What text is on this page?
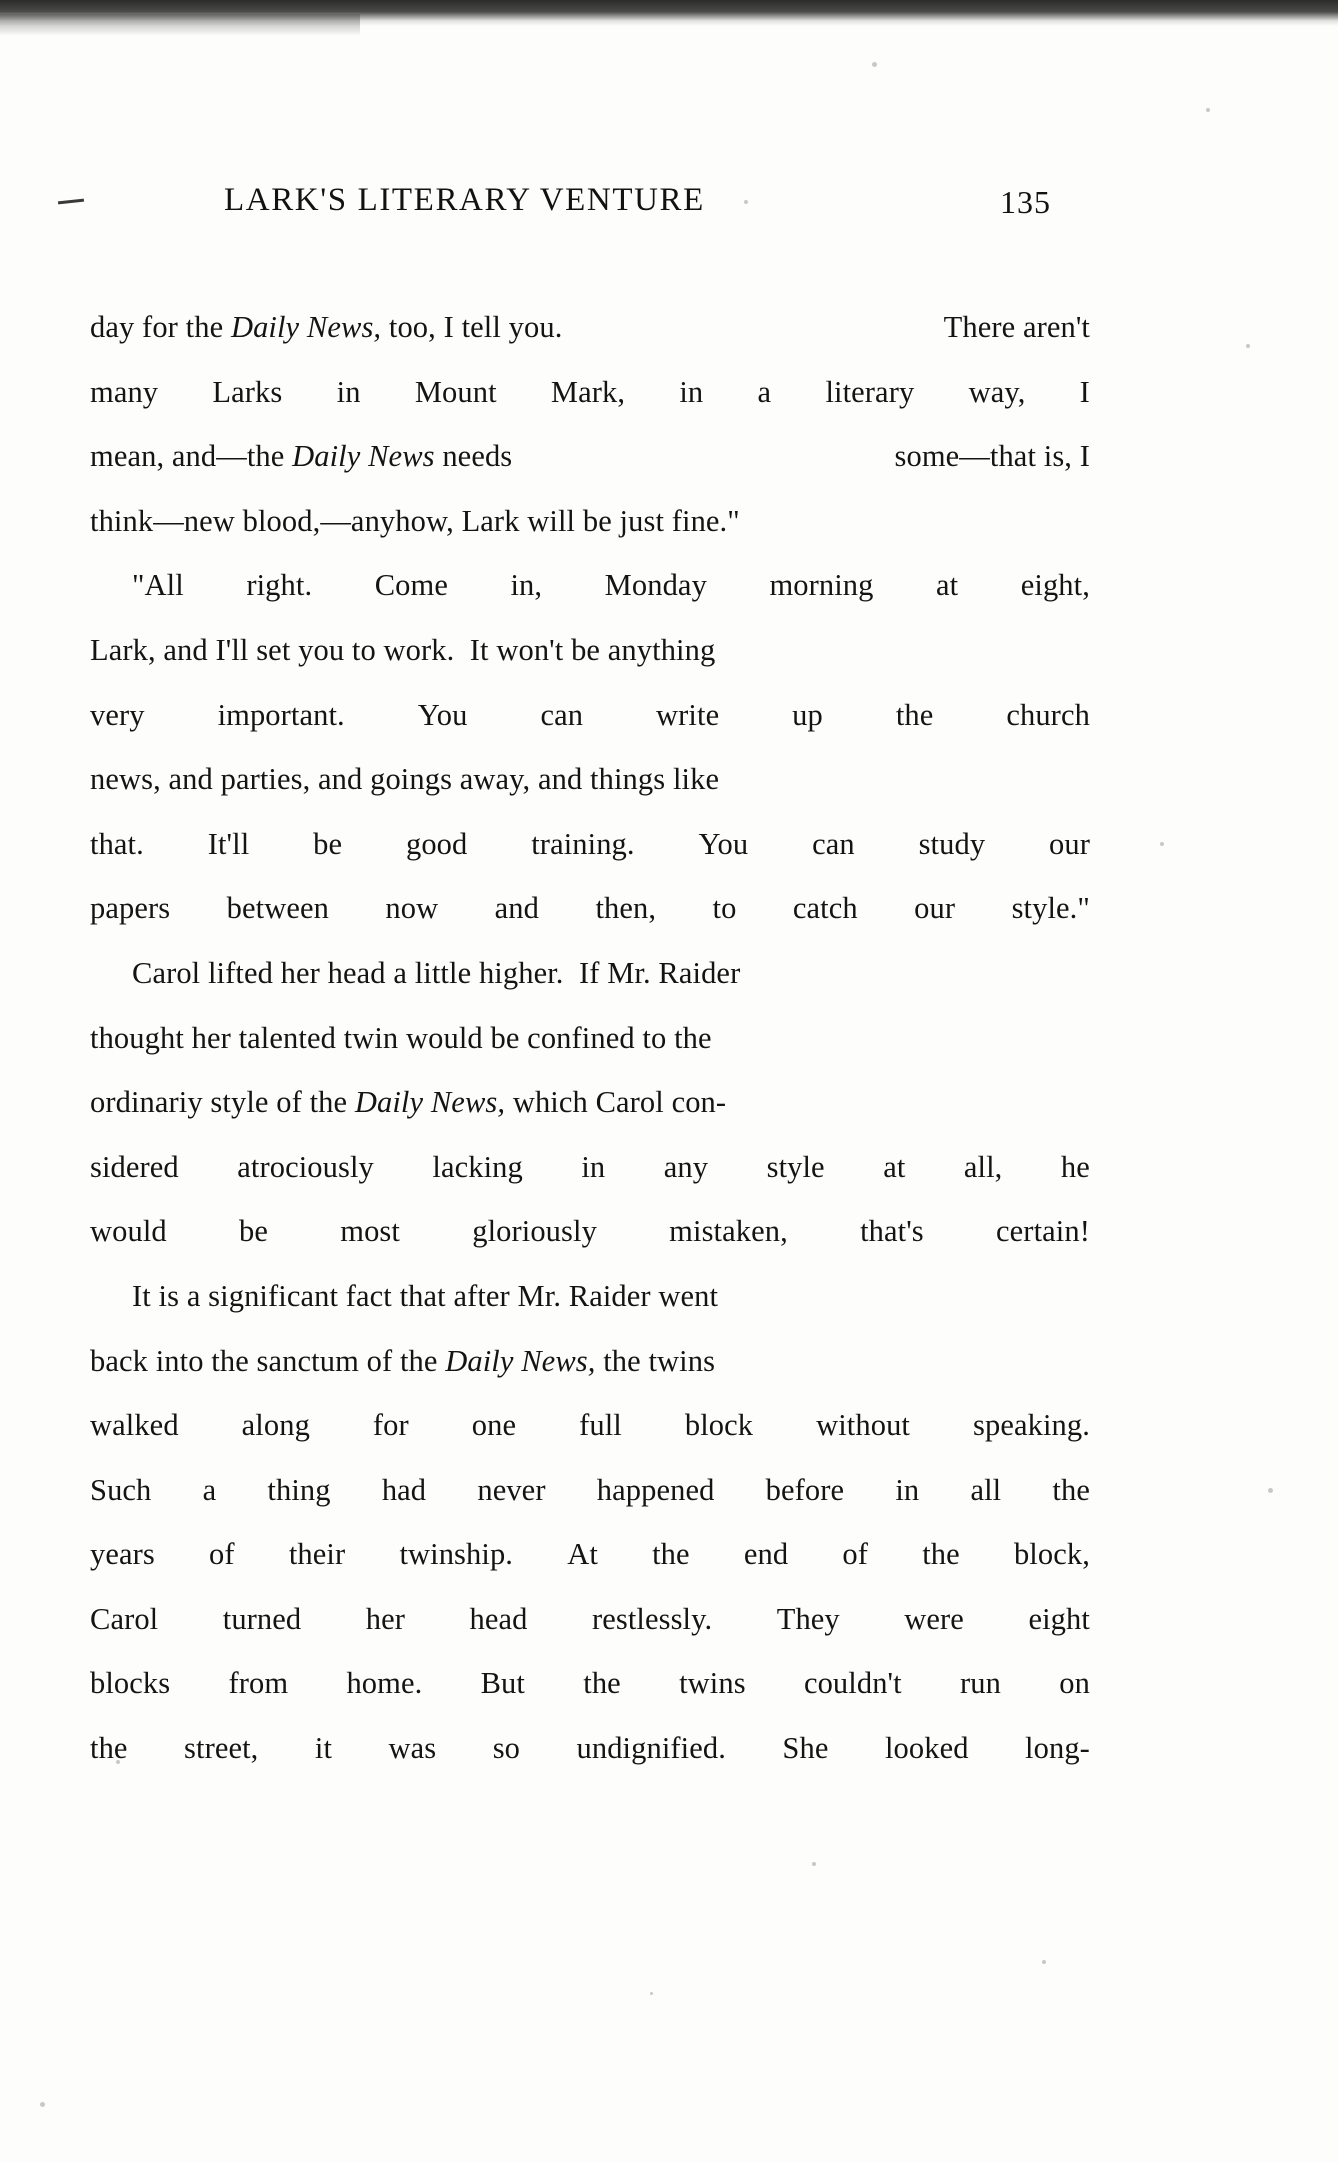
LARK'S LITERARY VENTURE	135
day for the Daily News, too, I tell you.	There aren't
many Larks in Mount Mark, in a literary way, I
mean, and—the Daily News needs	some—that is, I
think—new blood,—anyhow, Lark will be just fine."
"All right. Come in, Monday morning at eight,
Lark, and I'll set you to work.  It won't be anything
very important. You can write up the church
news, and parties, and goings away, and things like
that. It'll be good training. You can study our
papers between now and then, to catch our style."
Carol lifted her head a little higher.  If Mr. Raider
thought her talented twin would be confined to the
ordinariy style of the Daily News, which Carol con-
sidered atrociously lacking in any style at all, he
would be most gloriously mistaken, that's certain!
It is a significant fact that after Mr. Raider went
back into the sanctum of the Daily News, the twins
walked along for one full block without speaking.
Such a thing had never happened before in all the
years of their twinship. At the end of the block,
Carol turned her head restlessly. They were eight
blocks from home. But the twins couldn't run on
the street, it was so undignified. She looked long-
